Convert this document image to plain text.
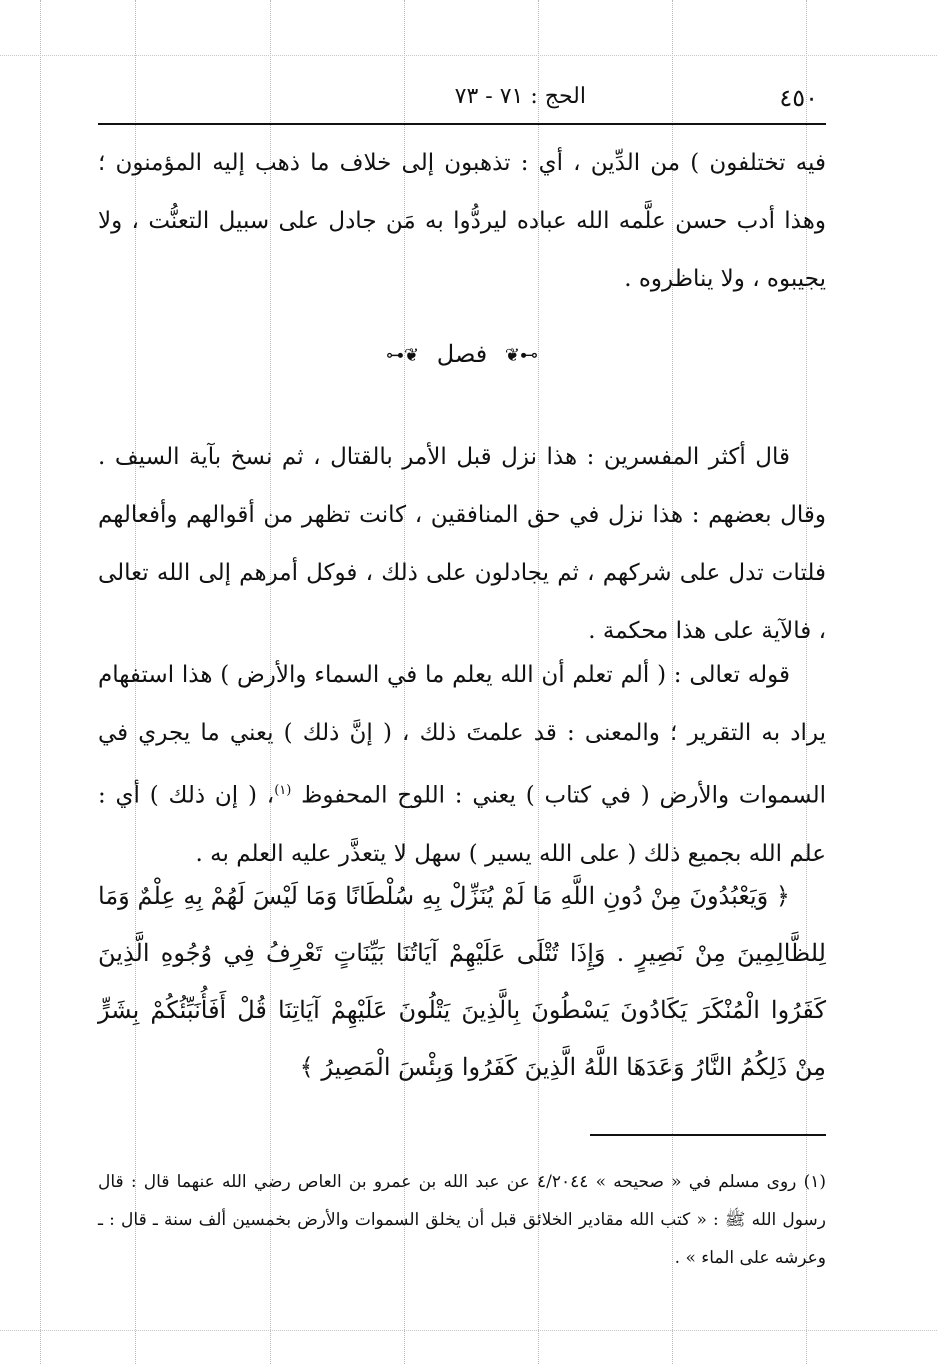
٤٥٠
الحج : ٧١ - ٧٣

فيه تختلفون ) من الدِّين ، أي : تذهبون إلى خلاف ما ذهب إليه المؤمنون ؛ وهذا أدب حسن علَّمه الله عباده ليردُّوا به مَن جادل على سبيل التعنُّت ، ولا يجيبوه ، ولا يناظروه .

⊶❦ فصل ❦⊷

قال أكثر المفسرين : هذا نزل قبل الأمر بالقتال ، ثم نسخ بآية السيف . وقال بعضهم : هذا نزل في حق المنافقين ، كانت تظهر من أقوالهم وأفعالهم فلتات تدل على شركهم ، ثم يجادلون على ذلك ، فوكل أمرهم إلى الله تعالى ، فالآية على هذا محكمة .

قوله تعالى : ( ألم تعلم أن الله يعلم ما في السماء والأرض ) هذا استفهام يراد به التقرير ؛ والمعنى : قد علمتَ ذلك ، ( إنَّ ذلك ) يعني ما يجري في السموات والأرض ( في كتاب ) يعني : اللوح المحفوظ $^{(١)}$، ( إن ذلك ) أي : علم الله بجميع ذلك ( على الله يسير ) سهل لا يتعذَّر عليه العلم به .

﴿ وَيَعْبُدُونَ مِنْ دُونِ اللَّهِ مَا لَمْ يُنَزِّلْ بِهِ سُلْطَانًا وَمَا لَيْسَ لَهُمْ بِهِ عِلْمٌ وَمَا لِلظَّالِمِينَ مِنْ نَصِيرٍ . وَإِذَا تُتْلَى عَلَيْهِمْ آيَاتُنَا بَيِّنَاتٍ تَعْرِفُ فِي وُجُوهِ الَّذِينَ كَفَرُوا الْمُنْكَرَ يَكَادُونَ يَسْطُونَ بِالَّذِينَ يَتْلُونَ عَلَيْهِمْ آيَاتِنَا قُلْ أَفَأُنَبِّئُكُمْ بِشَرٍّ مِنْ ذَلِكُمُ النَّارُ وَعَدَهَا اللَّهُ الَّذِينَ كَفَرُوا وَبِئْسَ الْمَصِيرُ ﴾

(١) روى مسلم في « صحيحه » ٤/٢٠٤٤ عن عبد الله بن عمرو بن العاص رضي الله عنهما قال : قال رسول الله ﷺ : « كتب الله مقادير الخلائق قبل أن يخلق السموات والأرض بخمسين ألف سنة ـ قال : ـ وعرشه على الماء » .
